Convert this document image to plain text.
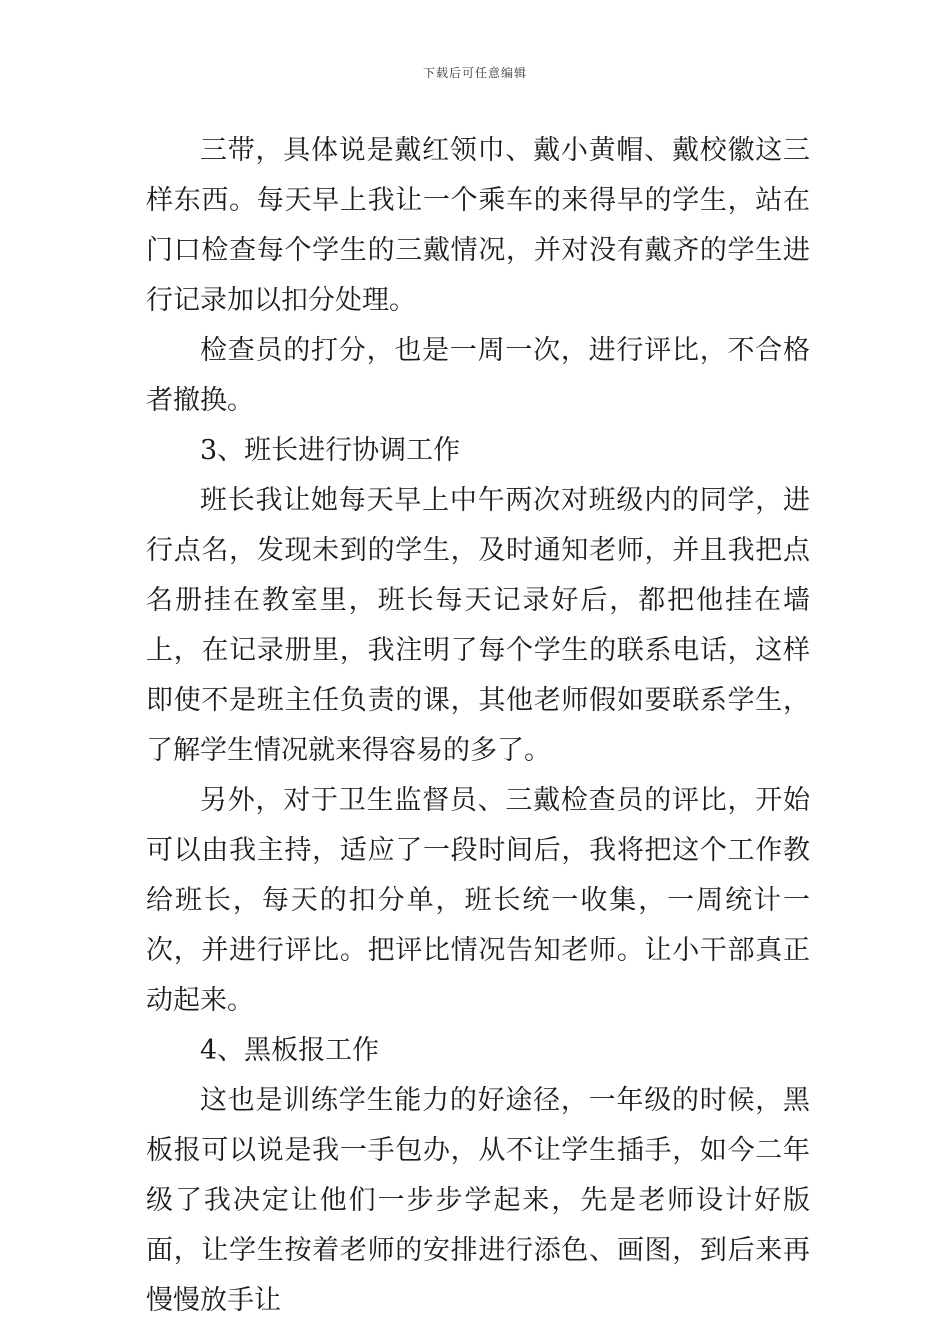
下载后可任意编辑

三带，具体说是戴红领巾、戴小黄帽、戴校徽这三样东西。每天早上我让一个乘车的来得早的学生，站在门口检查每个学生的三戴情况，并对没有戴齐的学生进行记录加以扣分处理。

检查员的打分，也是一周一次，进行评比，不合格者撤换。

3、班长进行协调工作

班长我让她每天早上中午两次对班级内的同学，进行点名，发现未到的学生，及时通知老师，并且我把点名册挂在教室里，班长每天记录好后，都把他挂在墙上，在记录册里，我注明了每个学生的联系电话，这样即使不是班主任负责的课，其他老师假如要联系学生，了解学生情况就来得容易的多了。

另外，对于卫生监督员、三戴检查员的评比，开始可以由我主持，适应了一段时间后，我将把这个工作教给班长，每天的扣分单，班长统一收集，一周统计一次，并进行评比。把评比情况告知老师。让小干部真正动起来。

4、黑板报工作

这也是训练学生能力的好途径，一年级的时候，黑板报可以说是我一手包办，从不让学生插手，如今二年级了我决定让他们一步步学起来，先是老师设计好版面，让学生按着老师的安排进行添色、画图，到后来再慢慢放手让
